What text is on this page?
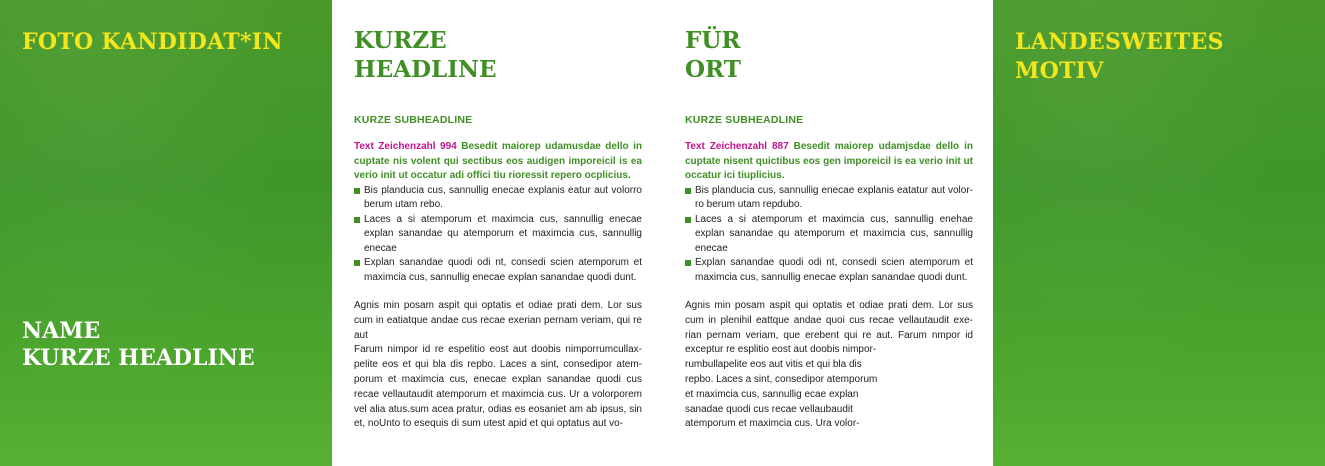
FOTO KANDIDAT*IN
NAME
KURZE HEADLINE
KURZE
HEADLINE

KURZE SUBHEADLINE

Text Zeichenzahl 994 Besedit maiorep udamusdae dello in cuptate nis volent qui sectibus eos audigen imporeicil is ea verio init ut occatur adi offici tiu rioressit repero ocplicius.

Bis planducia cus, sannullig enecae explanis eatur aut volorro berum utam rebo.
Laces a si atemporum et maximcia cus, sannullig enecae explan sanandae qu atemporum et maximcia cus, sannullig enecae
Explan sanandae quodi odi nt, consedi scien atemporum et maximcia cus, sannullig enecae explan sanandae quodi dunt.
Agnis min posam aspit qui optatis et odiae prati dem. Lor sus cum in eatiatque andae cus recae exerian pernam veriam, qui re aut
Farum nimpor id re espelitio eost aut doobis nimporrumcullax-pelite eos et qui bla dis repbo. Laces a sint, consedipor atem-porum et maximcia cus, enecae explan sanandae quodi cus recae vellautaudit atemporum et maximcia cus. Ur a volorporem vel alia atus.sum acea pratur, odias es eosaniet am ab ipsus, sin et, noUnto to esequis di sum utest apid et qui optatus aut vo-
FÜR
ORT

KURZE SUBHEADLINE

Text Zeichenzahl 887 Besedit maiorep udamjsdae dello in cuptate nisent quictibus eos gen imporeicil is ea verio init ut occatur ici tiuplicius.

Bis planducia cus, sannullig enecae explanis eatatur aut volor-ro berum utam repdubo.
Laces a si atemporum et maximcia cus, sannullig enehae explan sanandae qu atemporum et maximcia cus, sannullig enecae
Explan sanandae quodi odi nt, consedi scien atemporum et maximcia cus, sannullig enecae explan sanandae quodi dunt.
Agnis min posam aspit qui optatis et odiae prati dem. Lor sus cum in plenihil eattque andae quoi cus recae vellautaudit exe-rian pernam veriam, que erebent qui re aut. Farum nmpor id exceptur re esplitio eost aut doobis nimpor-
rumbullapelite eos aut vitis et qui bla dis
repbo. Laces a sint, consedipor atemporum
et maximcia cus, sannullig ecae explan
sanadae quodi cus recae vellaubaudit
atemporum et maximcia cus. Ura volor-
LANDESWEITES
MOTIV
